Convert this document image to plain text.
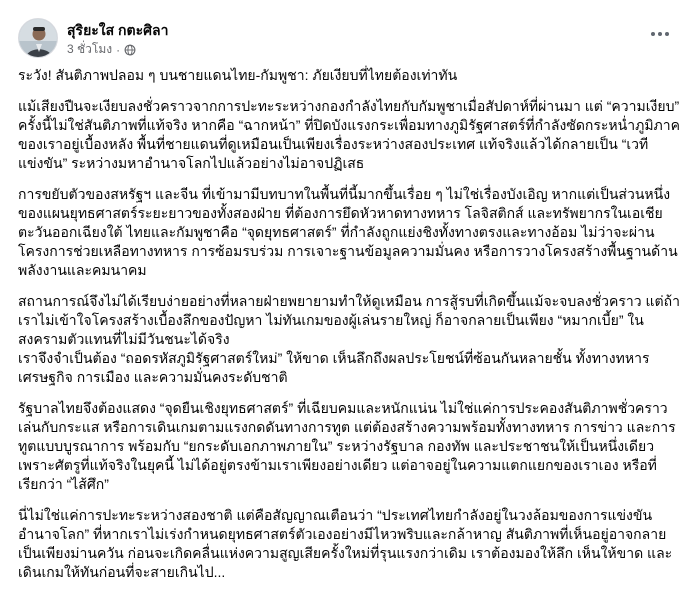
สุริยะใส กตะศิลา
3 ชั่วโมง ·

ระวัง! สันติภาพปลอม ๆ บนชายแดนไทย-กัมพูชา: ภัยเงียบที่ไทยต้องเท่าทัน

แม้เสียงปืนจะเงียบลงชั่วคราวจากการปะทะระหว่างกองกำลังไทยกับกัมพูชาเมื่อสัปดาห์ที่ผ่านมา แต่ “ความเงียบ” ครั้งนี้ไม่ใช่สันติภาพที่แท้จริง หากคือ “ฉากหน้า” ที่ปิดบังแรงกระเพื่อมทางภูมิรัฐศาสตร์ที่กำลังซัดกระหน่ำภูมิภาคของเราอยู่เบื้องหลัง พื้นที่ชายแดนที่ดูเหมือนเป็นเพียงเรื่องระหว่างสองประเทศ แท้จริงแล้วได้กลายเป็น “เวทีแข่งขัน” ระหว่างมหาอำนาจโลกไปแล้วอย่างไม่อาจปฏิเสธ

การขยับตัวของสหรัฐฯ และจีน ที่เข้ามามีบทบาทในพื้นที่นี้มากขึ้นเรื่อย ๆ ไม่ใช่เรื่องบังเอิญ หากแต่เป็นส่วนหนึ่งของแผนยุทธศาสตร์ระยะยาวของทั้งสองฝ่าย ที่ต้องการยึดหัวหาดทางทหาร โลจิสติกส์ และทรัพยากรในเอเชียตะวันออกเฉียงใต้ ไทยและกัมพูชาคือ “จุดยุทธศาสตร์” ที่กำลังถูกแย่งชิงทั้งทางตรงและทางอ้อม ไม่ว่าจะผ่านโครงการช่วยเหลือทางทหาร การซ้อมรบร่วม การเจาะฐานข้อมูลความมั่นคง หรือการวางโครงสร้างพื้นฐานด้านพลังงานและคมนาคม

สถานการณ์จึงไม่ได้เรียบง่ายอย่างที่หลายฝ่ายพยายามทำให้ดูเหมือน การสู้รบที่เกิดขึ้นแม้จะจบลงชั่วคราว แต่ถ้าเราไม่เข้าใจโครงสร้างเบื้องลึกของปัญหา ไม่ทันเกมของผู้เล่นรายใหญ่ ก็อาจกลายเป็นเพียง “หมากเบี้ย” ในสงครามตัวแทนที่ไม่มีวันชนะได้จริง
เราจึงจำเป็นต้อง “ถอดรหัสภูมิรัฐศาสตร์ใหม่” ให้ขาด เห็นลึกถึงผลประโยชน์ที่ซ้อนกันหลายชั้น ทั้งทางทหาร เศรษฐกิจ การเมือง และความมั่นคงระดับชาติ

รัฐบาลไทยจึงต้องแสดง “จุดยืนเชิงยุทธศาสตร์” ที่เฉียบคมและหนักแน่น ไม่ใช่แค่การประคองสันติภาพชั่วคราว เล่นกับกระแส หรือการเดินเกมตามแรงกดดันทางการทูต แต่ต้องสร้างความพร้อมทั้งทางทหาร การข่าว และการทูตแบบบูรณาการ พร้อมกับ “ยกระดับเอกภาพภายใน” ระหว่างรัฐบาล กองทัพ และประชาชนให้เป็นหนึ่งเดียว เพราะศัตรูที่แท้จริงในยุคนี้ ไม่ได้อยู่ตรงข้ามเราเพียงอย่างเดียว แต่อาจอยู่ในความแตกแยกของเราเอง หรือที่เรียกว่า “ไส้ศึก”

นี่ไม่ใช่แค่การปะทะระหว่างสองชาติ แต่คือสัญญาณเตือนว่า “ประเทศไทยกำลังอยู่ในวงล้อมของการแข่งขันอำนาจโลก” ที่หากเราไม่เร่งกำหนดยุทธศาสตร์ตัวเองอย่างมีไหวพริบและกล้าหาญ สันติภาพที่เห็นอยู่อาจกลายเป็นเพียงม่านควัน ก่อนจะเกิดคลื่นแห่งความสูญเสียครั้งใหม่ที่รุนแรงกว่าเดิม เราต้องมองให้ลึก เห็นให้ขาด และเดินเกมให้ทันก่อนที่จะสายเกินไป...
